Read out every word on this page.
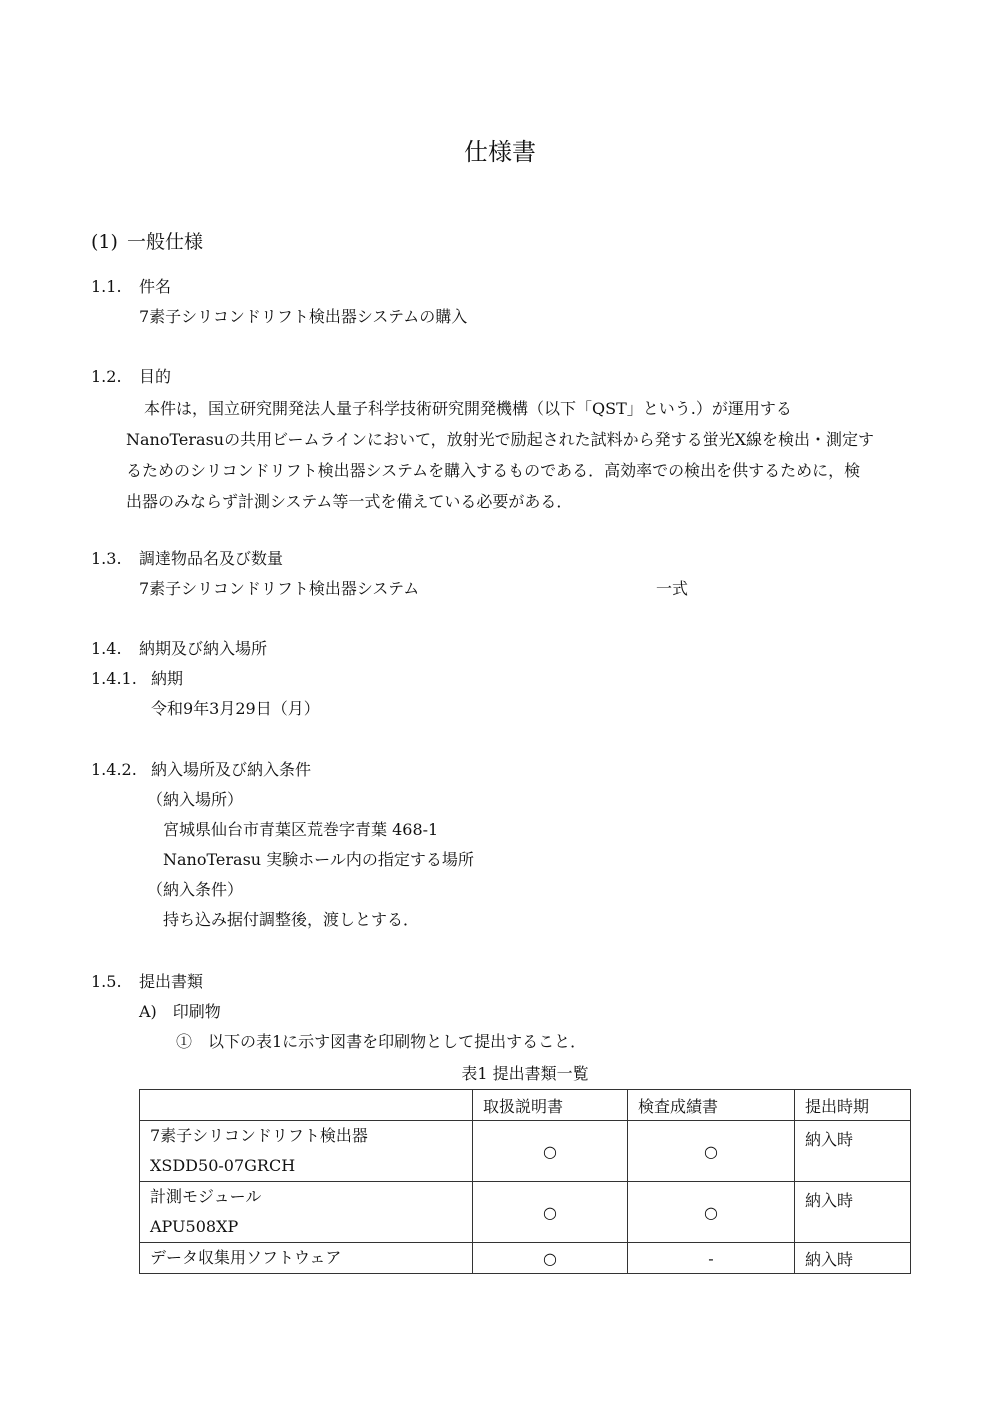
仕様書
(1) 一般仕様
1.1. 件名
7素子シリコンドリフト検出器システムの購入
1.2. 目的
本件は，国立研究開発法人量子科学技術研究開発機構（以下「QST」という.）が運用する
NanoTerasuの共用ビームラインにおいて，放射光で励起された試料から発する蛍光X線を検出・測定す
るためのシリコンドリフト検出器システムを購入するものである．高効率での検出を供するために，検
出器のみならず計測システム等一式を備えている必要がある．
1.3. 調達物品名及び数量
7素子シリコンドリフト検出器システム	一式
1.4. 納期及び納入場所
1.4.1. 納期
令和9年3月29日（月）
1.4.2. 納入場所及び納入条件
（納入場所）
宮城県仙台市青葉区荒巻字青葉 468-1
NanoTerasu 実験ホール内の指定する場所
（納入条件）
持ち込み据付調整後，渡しとする．
1.5. 提出書類
A)　印刷物
①　以下の表1に示す図書を印刷物として提出すること．
表1 提出書類一覧
	取扱説明書	検査成績書	提出時期

7素子シリコンドリフト検出器
XSDD50-07GRCH	○	○	納入時

計測モジュール
APU508XP	○	○	納入時
データ収集用ソフトウェア	○	-	納入時
